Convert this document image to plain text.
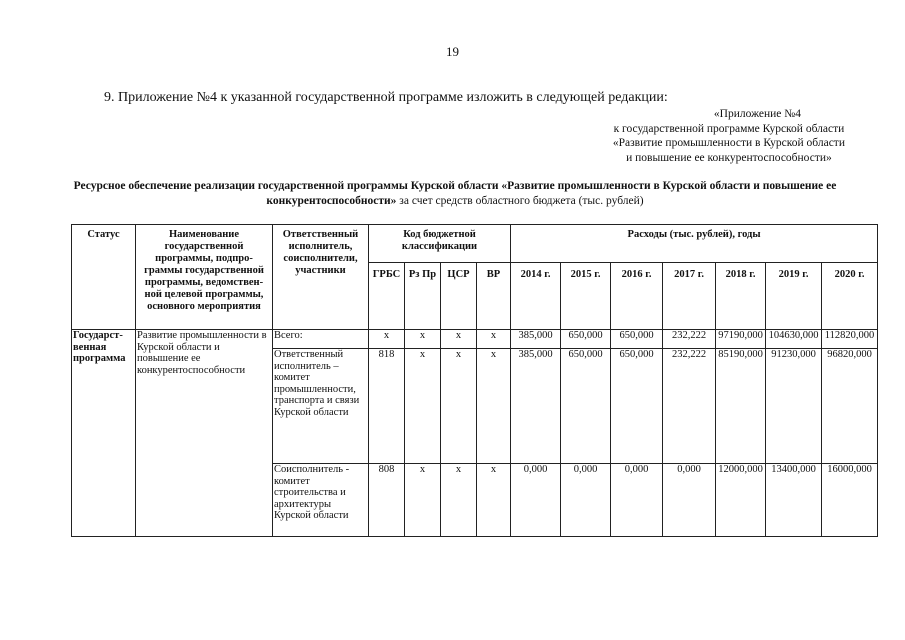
19
9. Приложение №4 к указанной государственной программе изложить в следующей редакции:
«Приложение №4
к государственной программе Курской области
«Развитие промышленности в Курской области
и повышение ее конкурентоспособности»
Ресурсное обеспечение реализации государственной программы Курской области «Развитие промышленности в Курской области и повышение ее конкурентоспособности» за счет средств областного бюджета (тыс. рублей)
Статус	Наименование государственной программы, подпро-граммы государственной программы, ведомствен-ной целевой программы, основного мероприятия	Ответственный исполнитель, соисполнители, участники	Код бюджетной классификации				Расходы (тыс. рублей), годы						
			ГРБС	Рз Пр	ЦСР	ВР	2014 г.	2015 г.	2016 г.	2017 г.	2018 г.	2019 г.	2020 г.
Государст-венная программа	Развитие промышленности в Курской области и повышение ее конкурентоспособности	Всего:	х	х	х	х	385,000	650,000	650,000	232,222	97190,000	104630,000	112820,000
		Ответственный исполнитель – комитет промышленности, транспорта и связи Курской области	818	х	х	х	385,000	650,000	650,000	232,222	85190,000	91230,000	96820,000
		Соисполнитель - комитет строительства и архитектуры Курской области	808	х	х	х	0,000	0,000	0,000	0,000	12000,000	13400,000	16000,000
